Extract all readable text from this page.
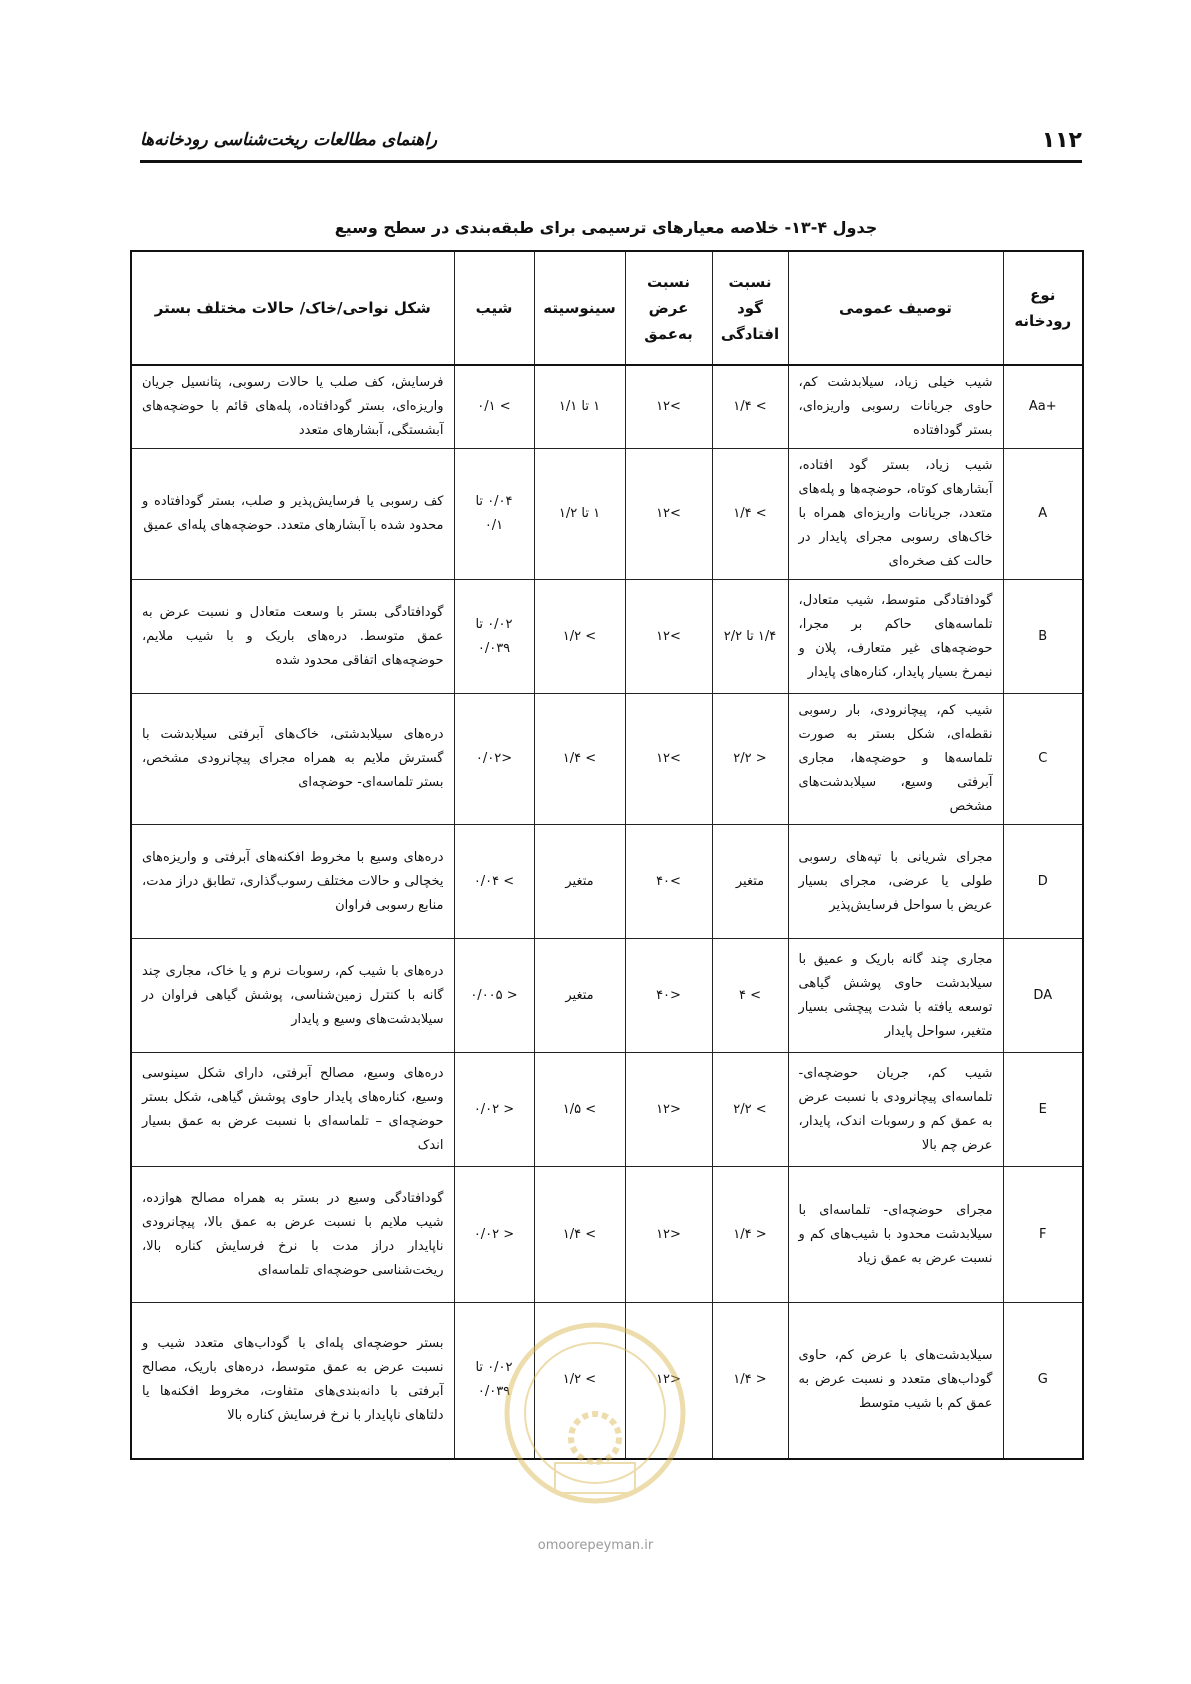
۱۱۲
راهنمای مطالعات ریخت‌شناسی رودخانه‌ها
جدول ۴-۱۳- خلاصه معیارهای ترسیمی برای طبقه‌بندی در سطح وسیع
نوع رودخانه	توصیف عمومی	نسبت گود افتادگی	نسبت عرض به‌عمق	سینوسیته	شیب	شکل نواحی/خاک/ حالات مختلف بستر
Aa+	شیب خیلی زیاد، سیلابدشت کم، حاوی جریانات رسوبی واریزه‌ای، بستر گودافتاده	> ۱/۴	>۱۲	۱ تا ۱/۱	> ۰/۱	فرسایش، کف صلب یا حالات رسوبی، پتانسیل جریان واریزه‌ای، بستر گودافتاده، پله‌های قائم با حوضچه‌های آبشستگی، آبشارهای متعدد
A	شیب زیاد، بستر گود افتاده، آبشارهای کوتاه، حوضچه‌ها و پله‌های متعدد، جریانات واریزه‌ای همراه با خاک‌های رسوبی مجرای پایدار در حالت کف صخره‌ای	> ۱/۴	>۱۲	۱ تا ۱/۲	۰/۰۴ تا ۰/۱	کف رسوبی یا فرسایش‌پذیر و صلب، بستر گودافتاده و محدود شده با آبشارهای متعدد. حوضچه‌های پله‌ای عمیق
B	گودافتادگی متوسط، شیب متعادل، تلماسه‌های حاکم بر مجرا، حوضچه‌های غیر متعارف، پلان و نیمرخ بسیار پایدار، کناره‌های پایدار	۱/۴ تا ۲/۲	>۱۲	> ۱/۲	۰/۰۲ تا ۰/۰۳۹	گودافتادگی بستر با وسعت متعادل و نسبت عرض به عمق متوسط. دره‌های باریک و با شیب ملایم، حوضچه‌های اتفاقی محدود شده
C	شیب کم، پیچانرودی، بار رسوبی نقطه‌ای، شکل بستر به صورت تلماسه‌ها و حوضچه‌ها، مجاری آبرفتی وسیع، سیلابدشت‌های مشخص	< ۲/۲	>۱۲	> ۱/۴	<۰/۰۲	دره‌های سیلابدشتی، خاک‌های آبرفتی سیلابدشت با گسترش ملایم به همراه مجرای پیچانرودی مشخص، بستر تلماسه‌ای- حوضچه‌ای
D	مجرای شریانی با تپه‌های رسوبی طولی یا عرضی، مجرای بسیار عریض با سواحل فرسایش‌پذیر	متغیر	>۴۰	متغیر	> ۰/۰۴	دره‌های وسیع با مخروط افکنه‌های آبرفتی و واریزه‌های یخچالی و حالات مختلف رسوب‌گذاری، تطابق دراز مدت، منابع رسوبی فراوان
DA	مجاری چند گانه باریک و عمیق با سیلابدشت حاوی پوشش گیاهی توسعه یافته با شدت پیچشی بسیار متغیر، سواحل پایدار	> ۴	<۴۰	متغیر	< ۰/۰۰۵	دره‌های با شیب کم، رسوبات نرم و یا خاک، مجاری چند گانه با کنترل زمین‌شناسی، پوشش گیاهی فراوان در سیلابدشت‌های وسیع و پایدار
E	شیب کم، جریان حوضچه‌ای- تلماسه‌ای پیچانرودی با نسبت عرض به عمق کم و رسوبات اندک، پایدار، عرض چم بالا	> ۲/۲	<۱۲	> ۱/۵	< ۰/۰۲	دره‌های وسیع، مصالح آبرفتی، دارای شکل سینوسی وسیع، کناره‌های پایدار حاوی پوشش گیاهی، شکل بستر حوضچه‌ای – تلماسه‌ای با نسبت عرض به عمق بسیار اندک
F	مجرای حوضچه‌ای- تلماسه‌ای با سیلابدشت محدود با شیب‌های کم و نسبت عرض به عمق زیاد	< ۱/۴	<۱۲	> ۱/۴	< ۰/۰۲	گودافتادگی وسیع در بستر به همراه مصالح هوازده، شیب ملایم با نسبت عرض به عمق بالا، پیچانرودی ناپایدار دراز مدت با نرخ فرسایش کناره بالا، ریخت‌شناسی حوضچه‌ای تلماسه‌ای
G	سیلابدشت‌های با عرض کم، حاوی گوداب‌های متعدد و نسبت عرض به عمق کم با شیب متوسط	< ۱/۴	<۱۲	> ۱/۲	۰/۰۲ تا ۰/۰۳۹	بستر حوضچه‌ای پله‌ای با گوداب‌های متعدد شیب و نسبت عرض به عمق متوسط، دره‌های باریک، مصالح آبرفتی با دانه‌بندی‌های متفاوت، مخروط افکنه‌ها یا دلتاهای ناپایدار با نرخ فرسایش کناره بالا
omoorepeyman.ir
